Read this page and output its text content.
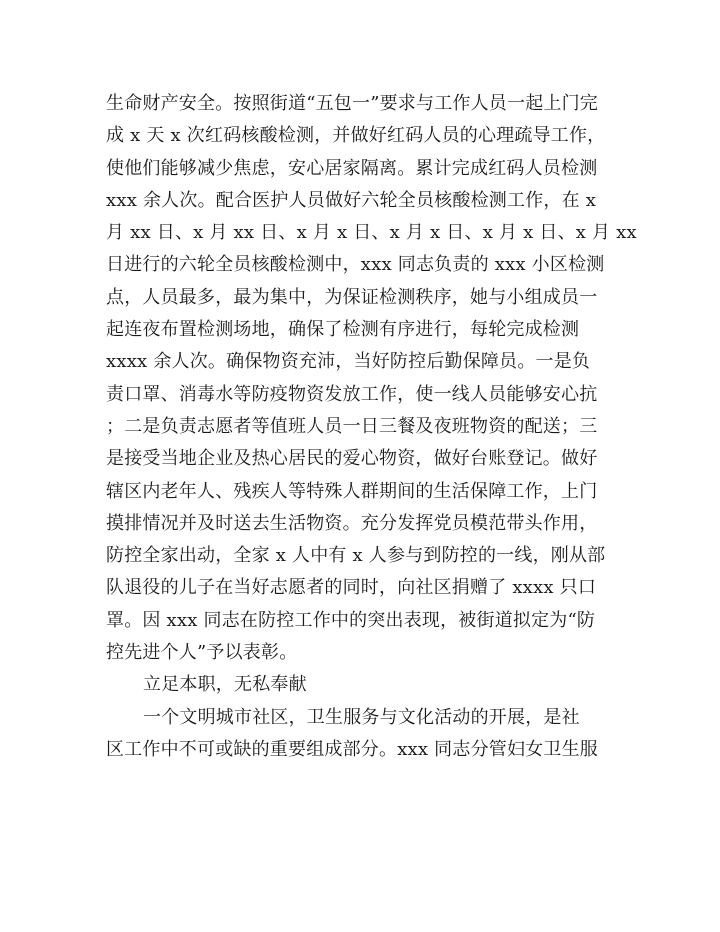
生命财产安全。按照街道“五包一”要求与工作人员一起上门完
成 x 天 x 次红码核酸检测，并做好红码人员的心理疏导工作，
使他们能够减少焦虑，安心居家隔离。累计完成红码人员检测
xxx 余人次。配合医护人员做好六轮全员核酸检测工作，在 x
月 xx 日、x 月 xx 日、x 月 x 日、x 月 x 日、x 月 x 日、x 月 xx
日进行的六轮全员核酸检测中，xxx 同志负责的 xxx 小区检测
点，人员最多，最为集中，为保证检测秩序，她与小组成员一
起连夜布置检测场地，确保了检测有序进行，每轮完成检测
xxxx 余人次。确保物资充沛，当好防控后勤保障员。一是负
责口罩、消毒水等防疫物资发放工作，使一线人员能够安心抗
；二是负责志愿者等值班人员一日三餐及夜班物资的配送；三
是接受当地企业及热心居民的爱心物资，做好台账登记。做好
辖区内老年人、残疾人等特殊人群期间的生活保障工作，上门
摸排情况并及时送去生活物资。充分发挥党员模范带头作用，
防控全家出动，全家 x 人中有 x 人参与到防控的一线，刚从部
队退役的儿子在当好志愿者的同时，向社区捐赠了 xxxx 只口
罩。因 xxx 同志在防控工作中的突出表现，被街道拟定为“防
控先进个人”予以表彰。
立足本职，无私奉献
一个文明城市社区，卫生服务与文化活动的开展，是社
区工作中不可或缺的重要组成部分。xxx 同志分管妇女卫生服
